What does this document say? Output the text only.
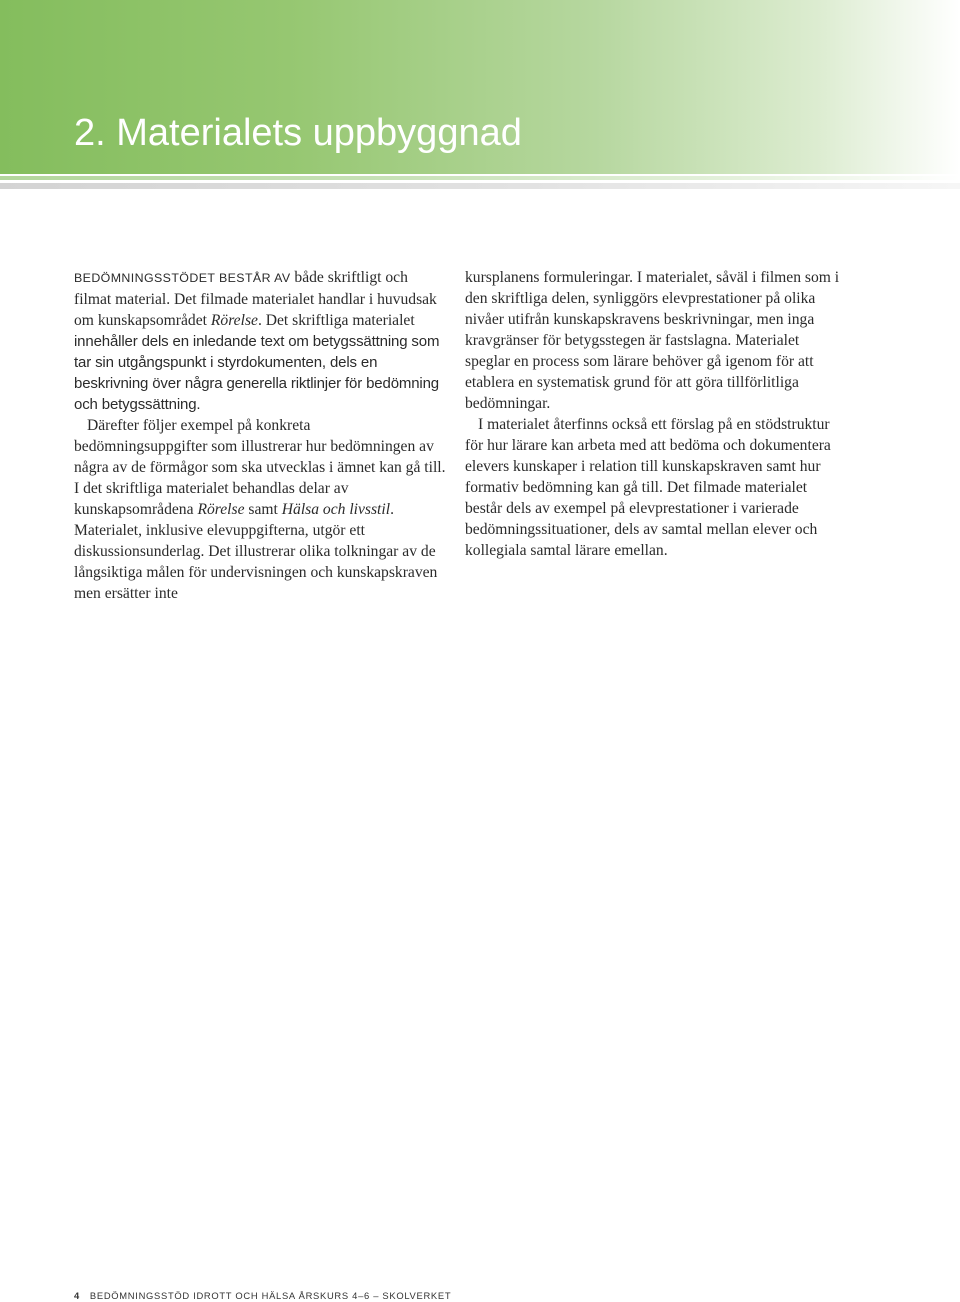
2. Materialets uppbyggnad

BEDÖMNINGSSTÖDET BESTÅR AV både skriftligt och filmat material. Det filmade materialet handlar i huvudsak om kunskapsområdet Rörelse. Det skriftliga materialet innehåller dels en inledande text om betygssättning som tar sin utgångspunkt i styrdokumenten, dels en beskrivning över några generella riktlinjer för bedömning och betygssättning.

Därefter följer exempel på konkreta bedömningsuppgifter som illustrerar hur bedömningen av några av de förmågor som ska utvecklas i ämnet kan gå till. I det skriftliga materialet behandlas delar av kunskapsområdena Rörelse samt Hälsa och livsstil. Materialet, inklusive elevuppgifterna, utgör ett diskussionsunderlag. Det illustrerar olika tolkningar av de långsiktiga målen för undervisningen och kunskapskraven men ersätter inte

kursplanens formuleringar. I materialet, såväl i filmen som i den skriftliga delen, synliggörs elevprestationer på olika nivåer utifrån kunskapskravens beskrivningar, men inga kravgränser för betygsstegen är fastslagna. Materialet speglar en process som lärare behöver gå igenom för att etablera en systematisk grund för att göra tillförlitliga bedömningar.

I materialet återfinns också ett förslag på en stödstruktur för hur lärare kan arbeta med att bedöma och dokumentera elevers kunskaper i relation till kunskapskraven samt hur formativ bedömning kan gå till. Det filmade materialet består dels av exempel på elevprestationer i varierade bedömningssituationer, dels av samtal mellan elever och kollegiala samtal lärare emellan.

4 BEDÖMNINGSSTÖD IDROTT OCH HÄLSA ÅRSKURS 4–6 – SKOLVERKET
